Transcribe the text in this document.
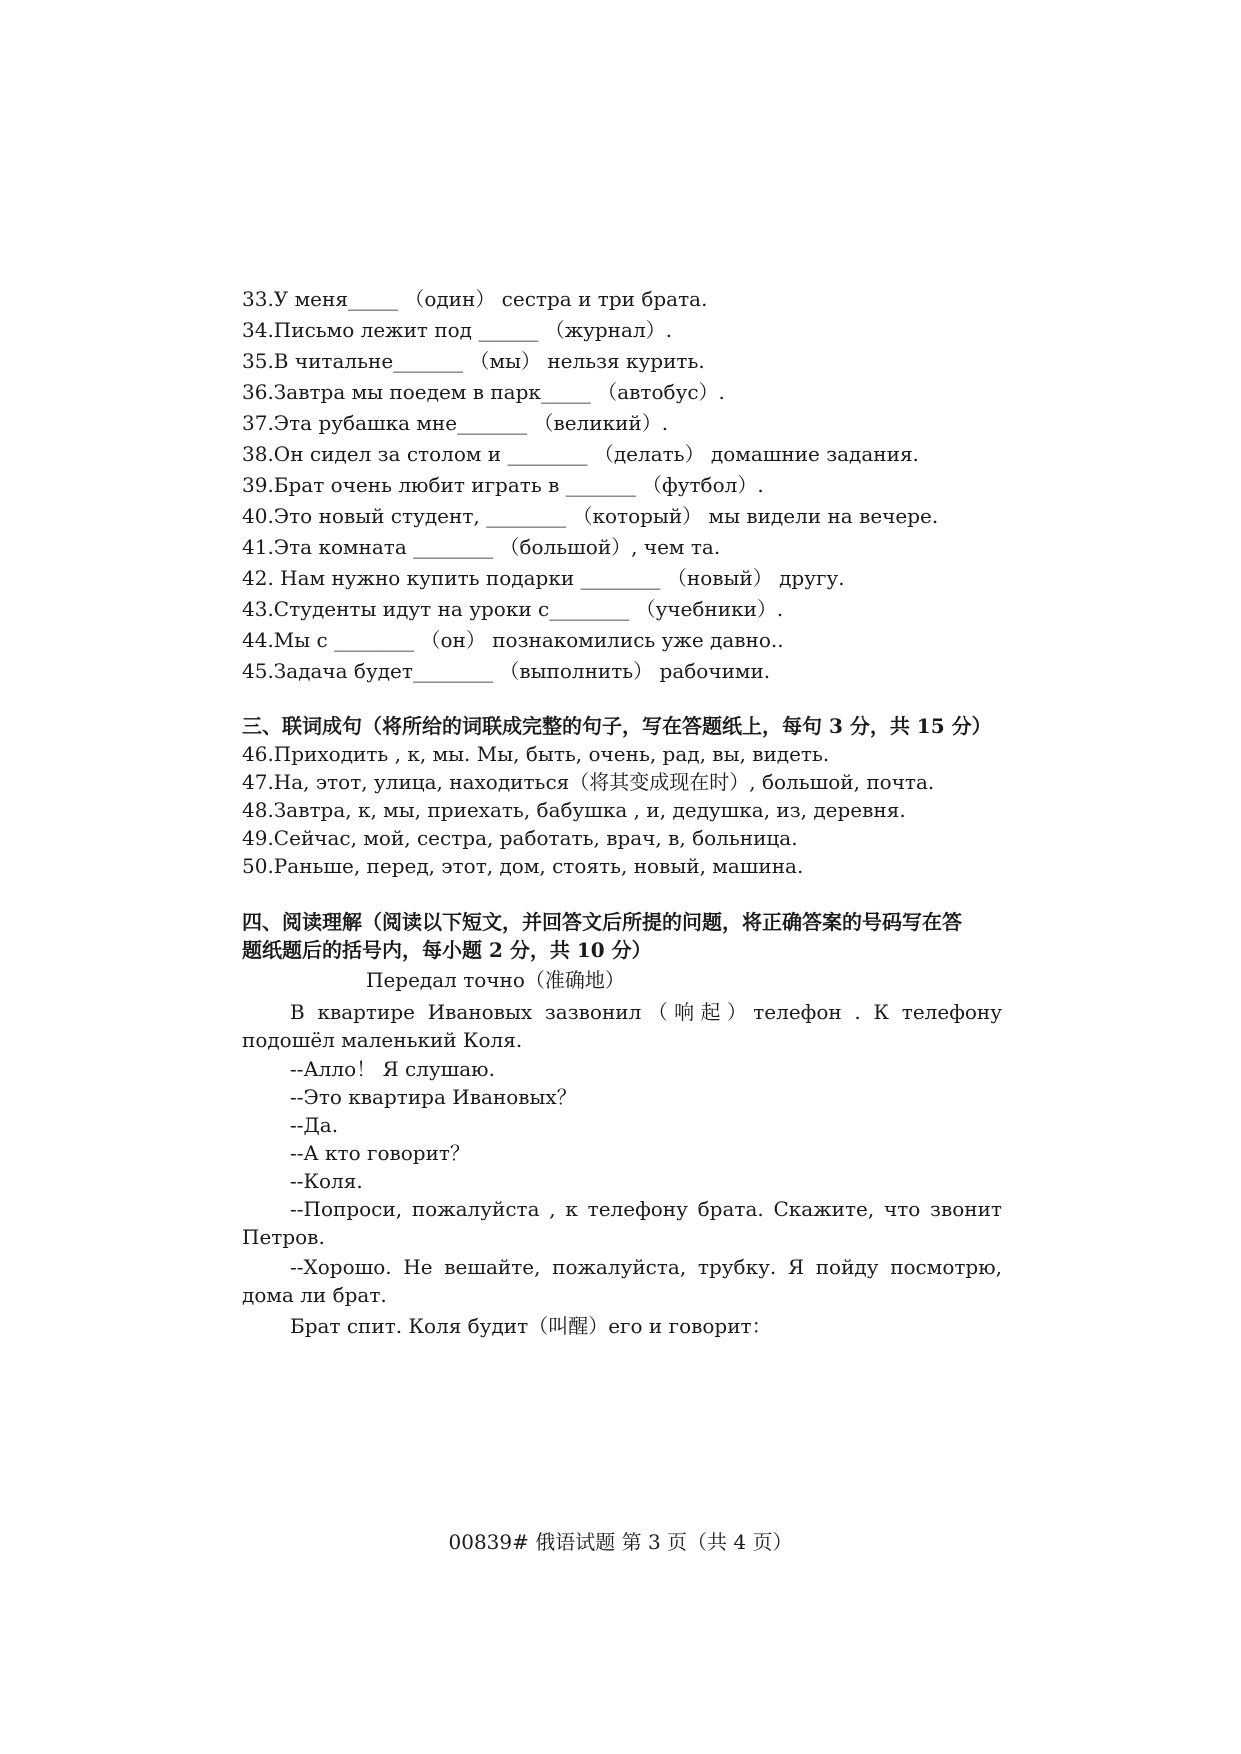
33.У меня_____ （один） сестра и три брата.
34.Письмо лежит под ______ （журнал）.
35.В читальне_______ （мы） нельзя курить.
36.Завтра мы поедем в парк_____ （автобус）.
37.Эта рубашка мне_______ （великий）.
38.Он сидел за столом и ________ （делать） домашние задания.
39.Брат очень любит играть в _______ （футбол）.
40.Это новый студент, ________ （который） мы видели на вечере.
41.Эта комната ________ （большой）, чем та.
42. Нам нужно купить подарки ________ （новый） другу.
43.Студенты идут на уроки с________ （учебники）.
44.Мы с ________ （он） познакомились уже давно..
45.Задача будет________ （выполнить） рабочими.
三、联词成句（将所给的词联成完整的句子，写在答题纸上，每句 3 分，共 15 分）
46.Приходить , к, мы. Мы, быть, очень, рад, вы, видеть.
47.На, этот, улица, находиться（将其变成现在时）, большой, почта.
48.Завтра, к, мы, приехать, бабушка , и, дедушка, из, деревня.
49.Сейчас, мой, сестра, работать, врач, в, больница.
50.Раньше, перед, этот, дом, стоять, новый, машина.
四、阅读理解（阅读以下短文，并回答文后所提的问题，将正确答案的号码写在答
题纸题后的括号内，每小题 2 分，共 10 分）
Передал точно（准确地）
В квартире Ивановых зазвонил（响起）телефон . К телефону подошёл маленький Коля.
--Алло！ Я слушаю.
--Это квартира Ивановых？
--Да.
--А кто говорит？
--Коля.
--Попроси, пожалуйста , к телефону брата. Скажите, что звонит Петров.
--Хорошо. Не вешайте, пожалуйста, трубку. Я пойду посмотрю, дома ли брат.
Брат спит. Коля будит（叫醒）его и говорит：
00839# 俄语试题 第 3 页（共 4 页）
